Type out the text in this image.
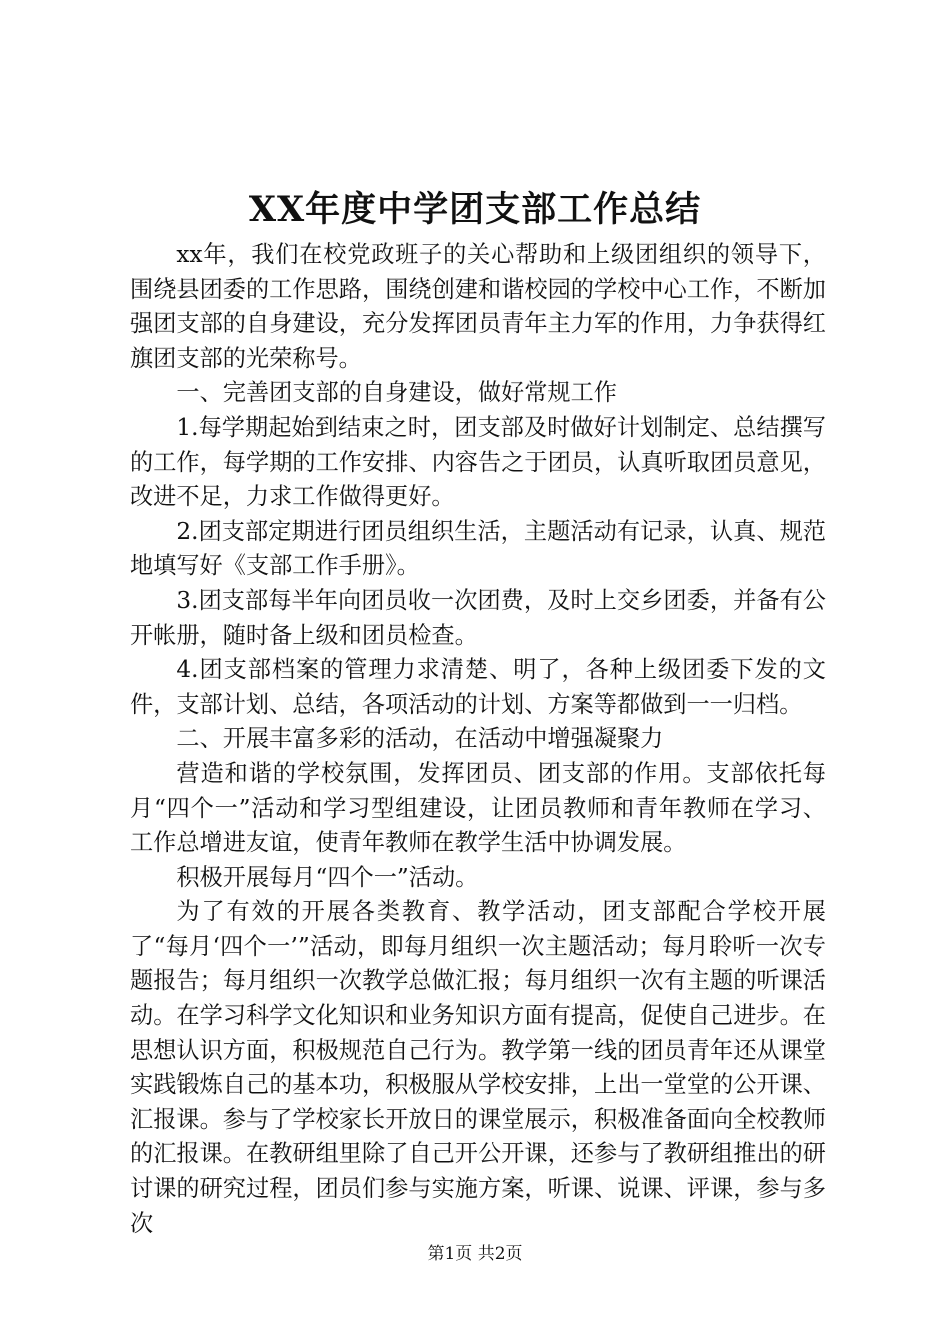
XX年度中学团支部工作总结

xx年，我们在校党政班子的关心帮助和上级团组织的领导下，围绕县团委的工作思路，围绕创建和谐校园的学校中心工作，不断加强团支部的自身建设，充分发挥团员青年主力军的作用，力争获得红旗团支部的光荣称号。

一、完善团支部的自身建设，做好常规工作

1.每学期起始到结束之时，团支部及时做好计划制定、总结撰写的工作，每学期的工作安排、内容告之于团员，认真听取团员意见，改进不足，力求工作做得更好。

2.团支部定期进行团员组织生活，主题活动有记录，认真、规范地填写好《支部工作手册》。

3.团支部每半年向团员收一次团费，及时上交乡团委，并备有公开帐册，随时备上级和团员检查。

4.团支部档案的管理力求清楚、明了，各种上级团委下发的文件，支部计划、总结，各项活动的计划、方案等都做到一一归档。

二、开展丰富多彩的活动，在活动中增强凝聚力

营造和谐的学校氛围，发挥团员、团支部的作用。支部依托每月“四个一”活动和学习型组建设，让团员教师和青年教师在学习、工作总增进友谊，使青年教师在教学生活中协调发展。

积极开展每月“四个一”活动。

为了有效的开展各类教育、教学活动，团支部配合学校开展了“每月‘四个一’”活动，即每月组织一次主题活动；每月聆听一次专题报告；每月组织一次教学总做汇报；每月组织一次有主题的听课活动。在学习科学文化知识和业务知识方面有提高，促使自己进步。在思想认识方面，积极规范自己行为。教学第一线的团员青年还从课堂实践锻炼自己的基本功，积极服从学校安排，上出一堂堂的公开课、汇报课。参与了学校家长开放日的课堂展示，积极准备面向全校教师的汇报课。在教研组里除了自己开公开课，还参与了教研组推出的研讨课的研究过程，团员们参与实施方案，听课、说课、评课，参与多次

第1页 共2页
